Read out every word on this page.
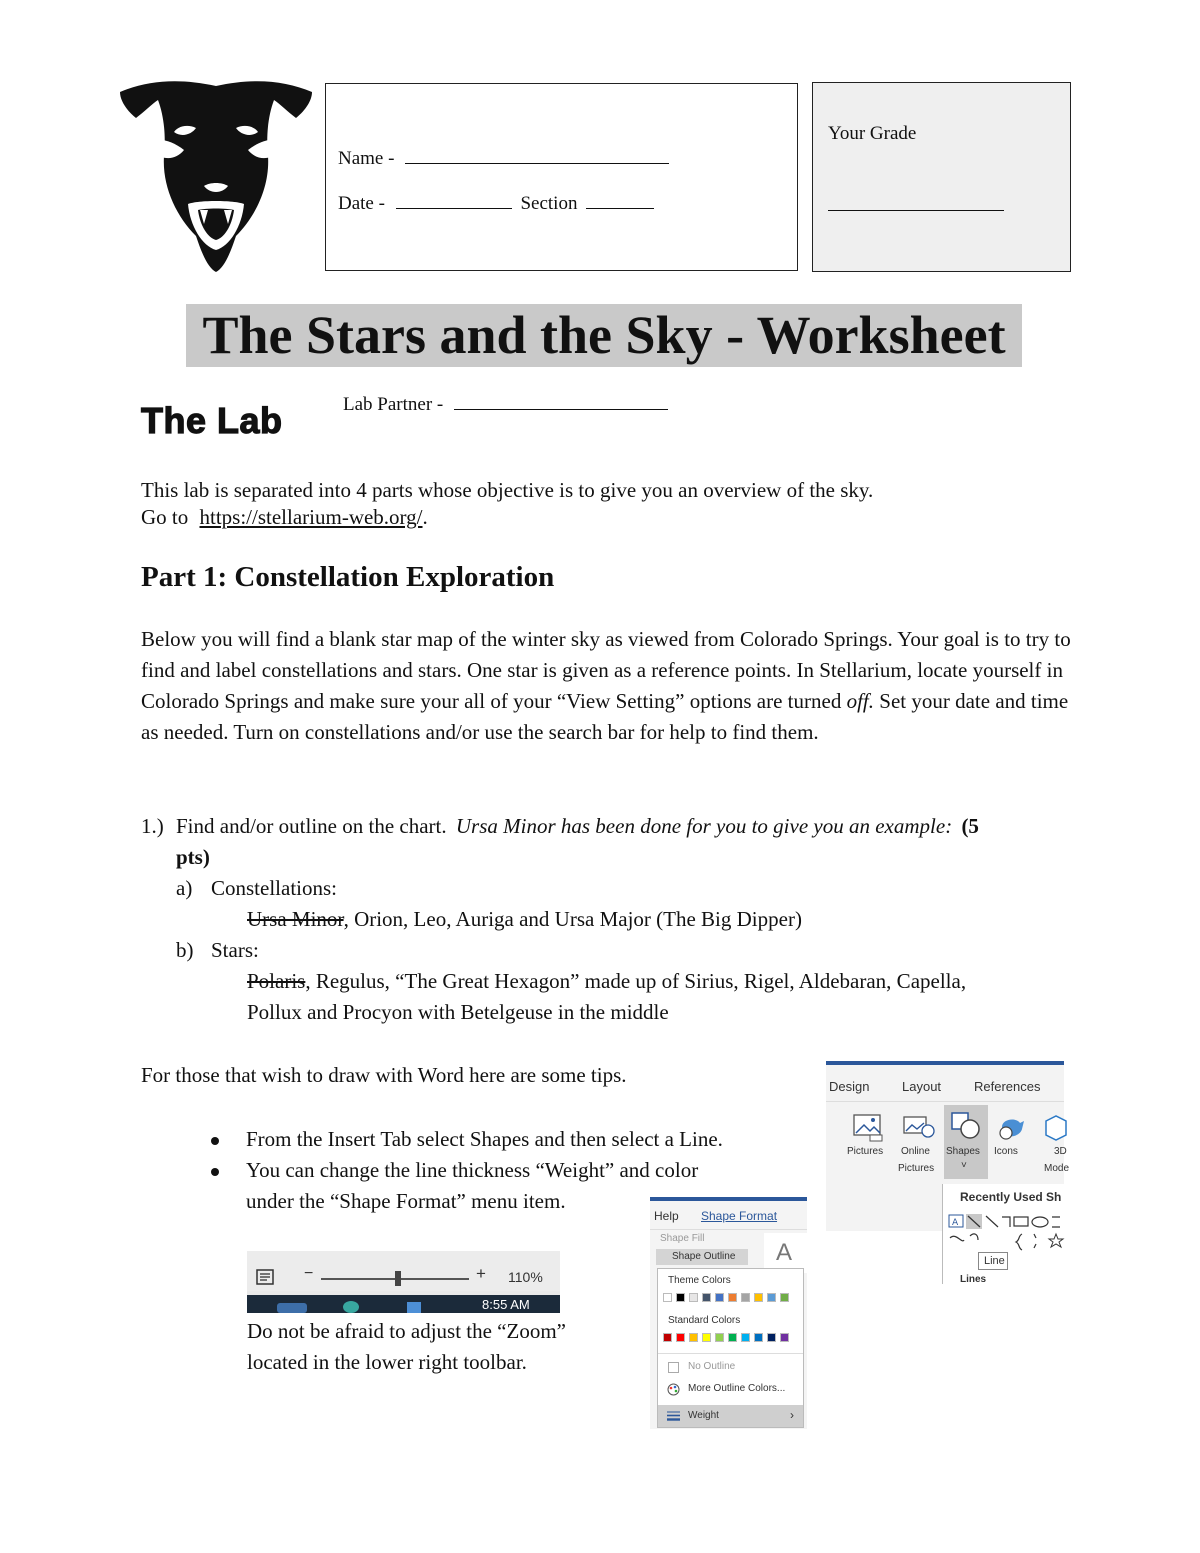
Name -
Date -	Section
Your Grade
The Stars and the Sky - Worksheet
The Lab	Lab Partner -
This lab is separated into 4 parts whose objective is to give you an overview of the sky.
Go to https://stellarium-web.org/.
Part 1: Constellation Exploration
Below you will find a blank star map of the winter sky as viewed from Colorado Springs. Your goal is to try to find and label constellations and stars. One star is given as a reference points. In Stellarium, locate yourself in Colorado Springs and make sure your all of your “View Setting” options are turned off. Set your date and time as needed. Turn on constellations and/or use the search bar for help to find them.
1.) Find and/or outline on the chart. Ursa Minor has been done for you to give you an example: (5
pts)
a) Constellations:
Ursa Minor, Orion, Leo, Auriga and Ursa Major (The Big Dipper)
b) Stars:
Polaris, Regulus, “The Great Hexagon” made up of Sirius, Rigel, Aldebaran, Capella,
Pollux and Procyon with Betelgeuse in the middle
For those that wish to draw with Word here are some tips.
From the Insert Tab select Shapes and then select a Line.
You can change the line thickness “Weight” and color
under the “Shape Format” menu item.
−	+ 110%
8:55 AM
Do not be afraid to adjust the “Zoom”
located in the lower right toolbar.
Design	Layout	References
Pictures Online
Pictures
Shapes
˅
Icons	3D
Mode
Recently Used Sh
A
Line
Lines
Help Shape Format
Shape Fill
Shape Outline A
Theme Colors
Standard Colors
No Outline
More Outline Colors...
Weight	›
